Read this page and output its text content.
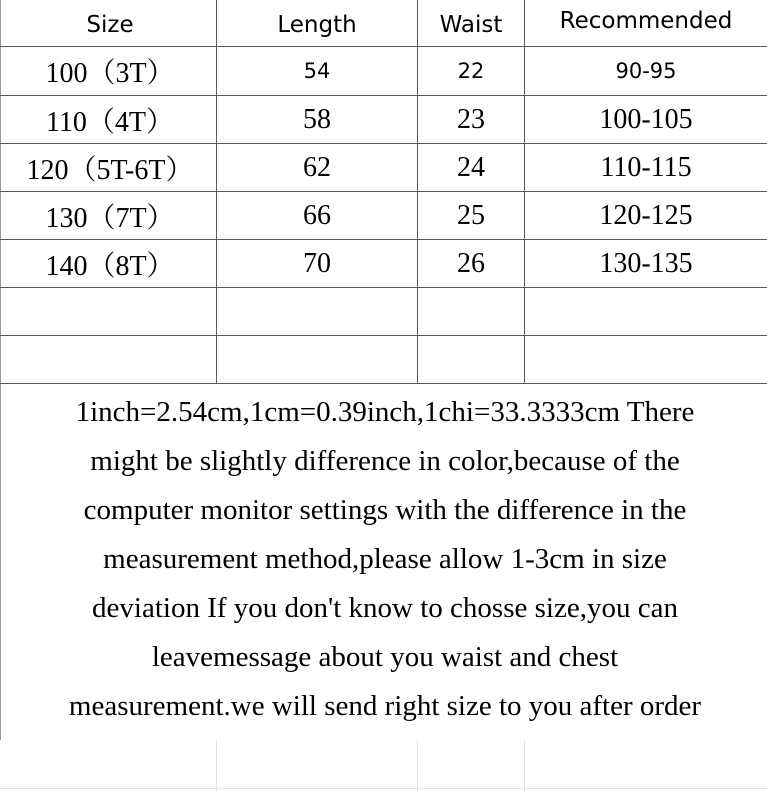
Size	Length	Waist	Recommended
100（3T）	54	22	90-95
110（4T）	58	23	100-105
120（5T-6T）	62	24	110-115
130（7T）	66	25	120-125
140（8T）	70	26	130-135
1inch=2.54cm,1cm=0.39inch,1chi=33.3333cm There
might be slightly difference in color,because of the
computer monitor settings with the difference in the
measurement method,please allow 1-3cm in size
deviation If you don't know to chosse size,you can
leavemessage about you waist and chest
measurement.we will send right size to you after order
